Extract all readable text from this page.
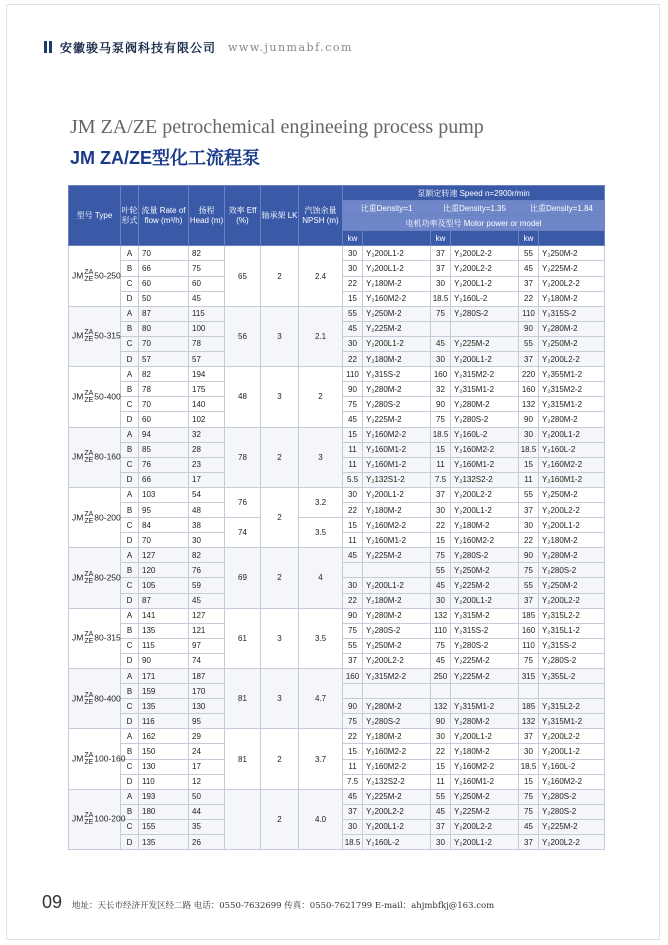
安徽骏马泵阀科技有限公司 www.junmabf.com
JM ZA/ZE petrochemical engineeing process pump
JM ZA/ZE型化工流程泵
型号 Type	叶轮形式	流量 Rate of flow (m³/h)	扬程 Head (m)	效率 Eff (%)	轴承架 LK	汽蚀余量 NPSH (m)	泵额定转速 Speed n=2900r/min					
							比重Density=1		比重Density=1.35		比重Density=1.84	
							电机功率及型号 Motor power or model					
							kw		kw		kw	
JM ZA
ZE 50-250	A	70	82	65	2	2.4	30	Y₂200L1-2	37	Y₂200L2-2	55	Y₂250M-2
	B	66	75				30	Y₂200L1-2	37	Y₂200L2-2	45	Y₂225M-2
	C	60	60				22	Y₂180M-2	30	Y₂200L1-2	37	Y₂200L2-2
	D	50	45				15	Y₂160M2-2	18.5	Y₂160L-2	22	Y₂180M-2
JM ZA
ZE 50-315	A	87	115	56	3	2.1	55	Y₂250M-2	75	Y₂280S-2	110	Y₂315S-2
	B	80	100				45	Y₂225M-2			90	Y₂280M-2
	C	70	78				30	Y₂200L1-2	45	Y₂225M-2	55	Y₂250M-2
	D	57	57				22	Y₂180M-2	30	Y₂200L1-2	37	Y₂200L2-2
JM ZA
ZE 50-400	A	82	194	48	3	2	110	Y₂315S-2	160	Y₂315M2-2	220	Y₂355M1-2
	B	78	175				90	Y₂280M-2	32	Y₂315M1-2	160	Y₂315M2-2
	C	70	140				75	Y₂280S-2	90	Y₂280M-2	132	Y₂315M1-2
	D	60	102				45	Y₂225M-2	75	Y₂280S-2	90	Y₂280M-2
JM ZA
ZE 80-160	A	94	32	78	2	3	15	Y₂160M2-2	18.5	Y₂160L-2	30	Y₂200L1-2
	B	85	28				11	Y₂160M1-2	15	Y₂160M2-2	18.5	Y₂160L-2
	C	76	23				11	Y₂160M1-2	11	Y₂160M1-2	15	Y₂160M2-2
	D	66	17				5.5	Y₂132S1-2	7.5	Y₂132S2-2	11	Y₂160M1-2
JM ZA
ZE 80-200	A	103	54	76	2	3.2	30	Y₂200L1-2	37	Y₂200L2-2	55	Y₂250M-2
	B	95	48				22	Y₂180M-2	30	Y₂200L1-2	37	Y₂200L2-2
	C	84	38	74		3.5	15	Y₂160M2-2	22	Y₂180M-2	30	Y₂200L1-2
	D	70	30				11	Y₂160M1-2	15	Y₂160M2-2	22	Y₂180M-2
JM ZA
ZE 80-250	A	127	82	69	2	4	45	Y₂225M-2	75	Y₂280S-2	90	Y₂280M-2
	B	120	76						55	Y₂250M-2	75	Y₂280S-2
	C	105	59				30	Y₂200L1-2	45	Y₂225M-2	55	Y₂250M-2
	D	87	45				22	Y₂180M-2	30	Y₂200L1-2	37	Y₂200L2-2
JM ZA
ZE 80-315	A	141	127	61	3	3.5	90	Y₂280M-2	132	Y₂315M-2	185	Y₂315L2-2
	B	135	121				75	Y₂280S-2	110	Y₂315S-2	160	Y₂315L1-2
	C	115	97				55	Y₂250M-2	75	Y₂280S-2	110	Y₂315S-2
	D	90	74				37	Y₂200L2-2	45	Y₂225M-2	75	Y₂280S-2
JM ZA
ZE 80-400	A	171	187	81	3	4.7	160	Y₂315M2-2	250	Y₂225M-2	315	Y₂355L-2
	B	159	170									
	C	135	130				90	Y₂280M-2	132	Y₂315M1-2	185	Y₂315L2-2
	D	116	95				75	Y₂280S-2	90	Y₂280M-2	132	Y₂315M1-2
JM ZA
ZE 100-160	A	162	29	81	2	3.7	22	Y₂180M-2	30	Y₂200L1-2	37	Y₂200L2-2
	B	150	24				15	Y₂160M2-2	22	Y₂180M-2	30	Y₂200L1-2
	C	130	17				11	Y₂160M2-2	15	Y₂160M2-2	18.5	Y₂160L-2
	D	110	12				7.5	Y₂132S2-2	11	Y₂160M1-2	15	Y₂160M2-2
JM ZA
ZE 100-200	A	193	50		2	4.0	45	Y₂225M-2	55	Y₂250M-2	75	Y₂280S-2
	B	180	44				37	Y₂200L2-2	45	Y₂225M-2	75	Y₂280S-2
	C	155	35				30	Y₂200L1-2	37	Y₂200L2-2	45	Y₂225M-2
	D	135	26				18.5	Y₂160L-2	30	Y₂200L1-2	37	Y₂200L2-2
09 地址：天长市经济开发区经二路 电话：0550-7632699 传真：0550-7621799 E-mail：ahjmbfkj@163.com
